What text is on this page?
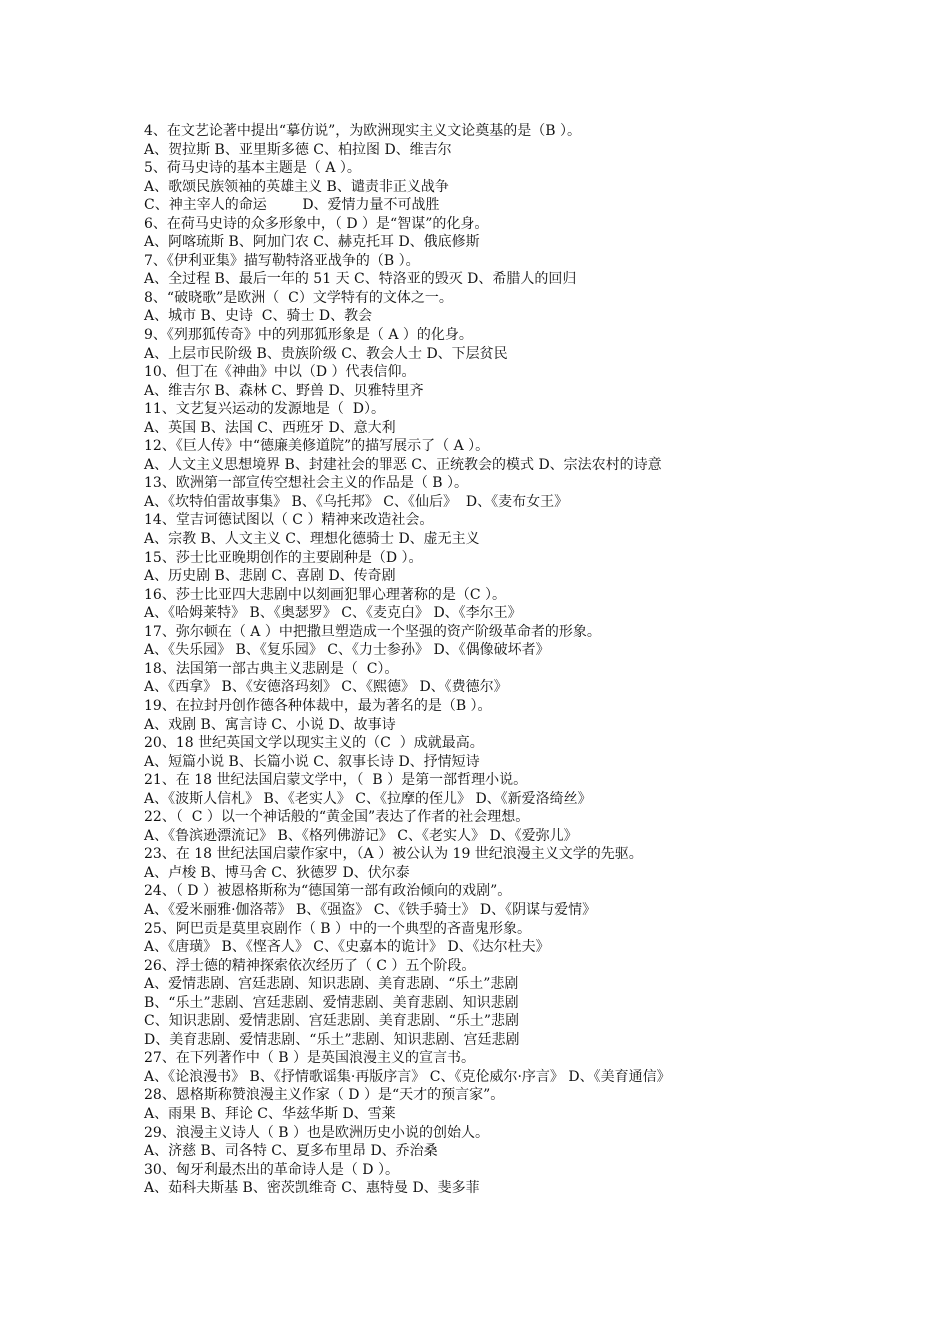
4、在文艺论著中提出“摹仿说”，为欧洲现实主义文论奠基的是（B ）。
A、贺拉斯 B、亚里斯多德 C、柏拉图 D、维吉尔
5、荷马史诗的基本主题是（ A ）。
A、歌颂民族领袖的英雄主义 B、谴责非正义战争
C、神主宰人的命运        D、爱情力量不可战胜
6、在荷马史诗的众多形象中，（ D ）是“智谋”的化身。
A、阿喀琉斯 B、阿加门农 C、赫克托耳 D、俄底修斯
7、《伊利亚集》描写勒特洛亚战争的（B ）。
A、全过程 B、最后一年的 51 天 C、特洛亚的毁灭 D、希腊人的回归
8、“破晓歌”是欧洲（  C）文学特有的文体之一。
A、城市 B、史诗  C、骑士 D、教会
9、《列那狐传奇》中的列那狐形象是（ A ）的化身。
A、上层市民阶级 B、贵族阶级 C、教会人士 D、下层贫民
10、但丁在《神曲》中以（D ）代表信仰。
A、维吉尔 B、森林 C、野兽 D、贝雅特里齐
11、文艺复兴运动的发源地是（  D）。
A、英国 B、法国 C、西班牙 D、意大利
12、《巨人传》中“德廉美修道院”的描写展示了（ A ）。
A、人文主义思想境界 B、封建社会的罪恶 C、正统教会的模式 D、宗法农村的诗意
13、欧洲第一部宣传空想社会主义的作品是（ B ）。
A、《坎特伯雷故事集》 B、《乌托邦》 C、《仙后》  D、《麦布女王》
14、堂吉诃德试图以（ C ）精神来改造社会。
A、宗教 B、人文主义 C、理想化德骑士 D、虚无主义
15、莎士比亚晚期创作的主要剧种是（D ）。
A、历史剧 B、悲剧 C、喜剧 D、传奇剧
16、莎士比亚四大悲剧中以刻画犯罪心理著称的是（C ）。
A、《哈姆莱特》 B、《奥瑟罗》 C、《麦克白》 D、《李尔王》
17、弥尔顿在（ A ）中把撒旦塑造成一个坚强的资产阶级革命者的形象。
A、《失乐园》 B、《复乐园》 C、《力士参孙》 D、《偶像破坏者》
18、法国第一部古典主义悲剧是（  C）。
A、《西拿》 B、《安德洛玛刻》 C、《熙德》 D、《费德尔》
19、在拉封丹创作德各种体裁中，最为著名的是（B ）。
A、戏剧 B、寓言诗 C、小说 D、故事诗
20、18 世纪英国文学以现实主义的（C  ）成就最高。
A、短篇小说 B、长篇小说 C、叙事长诗 D、抒情短诗
21、在 18 世纪法国启蒙文学中，（  B ）是第一部哲理小说。
A、《波斯人信札》 B、《老实人》 C、《拉摩的侄儿》 D、《新爱洛绮丝》
22、（  C ）以一个神话般的“黄金国”表达了作者的社会理想。
A、《鲁滨逊漂流记》 B、《格列佛游记》 C、《老实人》 D、《爱弥儿》
23、在 18 世纪法国启蒙作家中，（A ）被公认为 19 世纪浪漫主义文学的先驱。
A、卢梭 B、博马舍 C、狄德罗 D、伏尔泰
24、（ D ）被恩格斯称为“德国第一部有政治倾向的戏剧”。
A、《爱米丽雅·伽洛蒂》 B、《强盗》 C、《铁手骑士》 D、《阴谋与爱情》
25、阿巴贡是莫里哀剧作（ B ）中的一个典型的吝啬鬼形象。
A、《唐璜》 B、《悭吝人》 C、《史嘉本的诡计》 D、《达尔杜夫》
26、浮士德的精神探索依次经历了（ C ）五个阶段。
A、爱情悲剧、宫廷悲剧、知识悲剧、美育悲剧、“乐土”悲剧
B、“乐土”悲剧、宫廷悲剧、爱情悲剧、美育悲剧、知识悲剧
C、知识悲剧、爱情悲剧、宫廷悲剧、美育悲剧、“乐土”悲剧
D、美育悲剧、爱情悲剧、“乐土”悲剧、知识悲剧、宫廷悲剧
27、在下列著作中（ B ）是英国浪漫主义的宣言书。
A、《论浪漫书》 B、《抒情歌谣集·再版序言》 C、《克伦威尔·序言》 D、《美育通信》
28、恩格斯称赞浪漫主义作家（ D ）是“天才的预言家”。
A、雨果 B、拜论 C、华兹华斯 D、雪莱
29、浪漫主义诗人（ B ）也是欧洲历史小说的创始人。
A、济慈 B、司各特 C、夏多布里昂 D、乔治桑
30、匈牙利最杰出的革命诗人是（ D ）。
A、茹科夫斯基 B、密茨凯维奇 C、惠特曼 D、斐多菲
